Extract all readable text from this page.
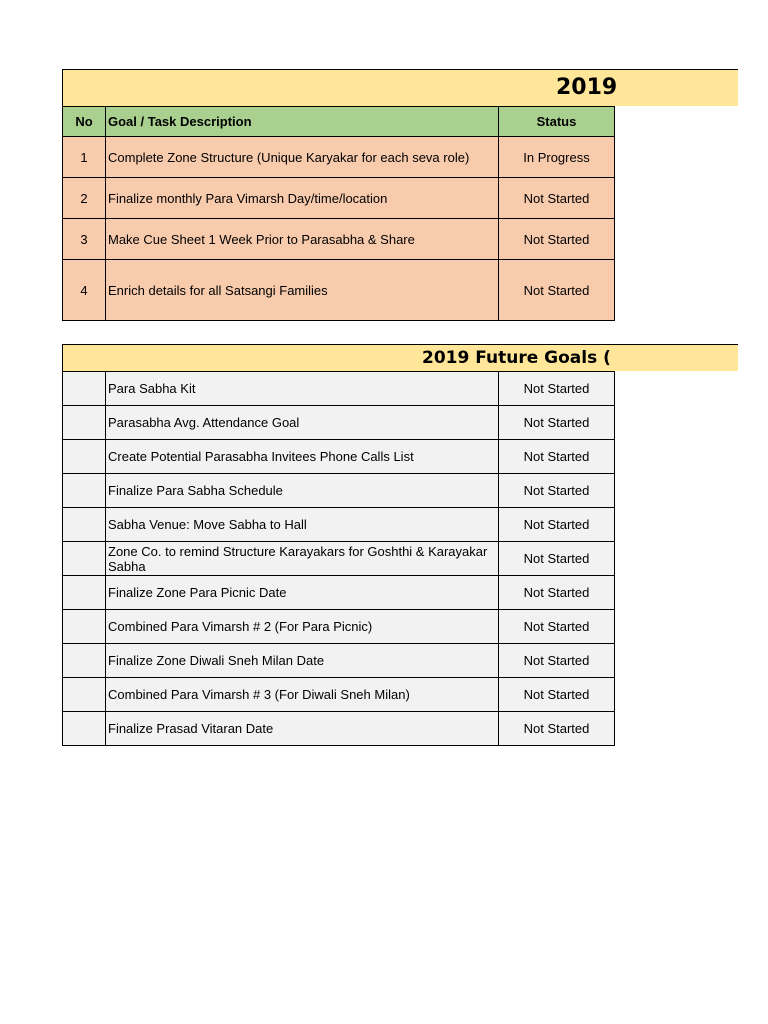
2019
No	Goal / Task Description	Status
1	Complete Zone Structure (Unique Karyakar for each seva role)	In Progress
2	Finalize monthly Para Vimarsh Day/time/location	Not Started
3	Make Cue Sheet 1 Week Prior to Parasabha & Share	Not Started
4	Enrich details for all Satsangi Families	Not Started
2019 Future Goals (
	Para Sabha Kit	Not Started
	Parasabha Avg. Attendance Goal	Not Started
	Create Potential Parasabha Invitees Phone Calls List	Not Started
	Finalize Para Sabha Schedule	Not Started
	Sabha Venue: Move Sabha to Hall	Not Started
	Zone Co. to remind Structure Karayakars for Goshthi & Karayakar Sabha	Not Started
	Finalize Zone Para Picnic Date	Not Started
	Combined Para Vimarsh # 2 (For Para Picnic)	Not Started
	Finalize Zone Diwali Sneh Milan Date	Not Started
	Combined Para Vimarsh # 3 (For Diwali Sneh Milan)	Not Started
	Finalize Prasad Vitaran Date	Not Started
